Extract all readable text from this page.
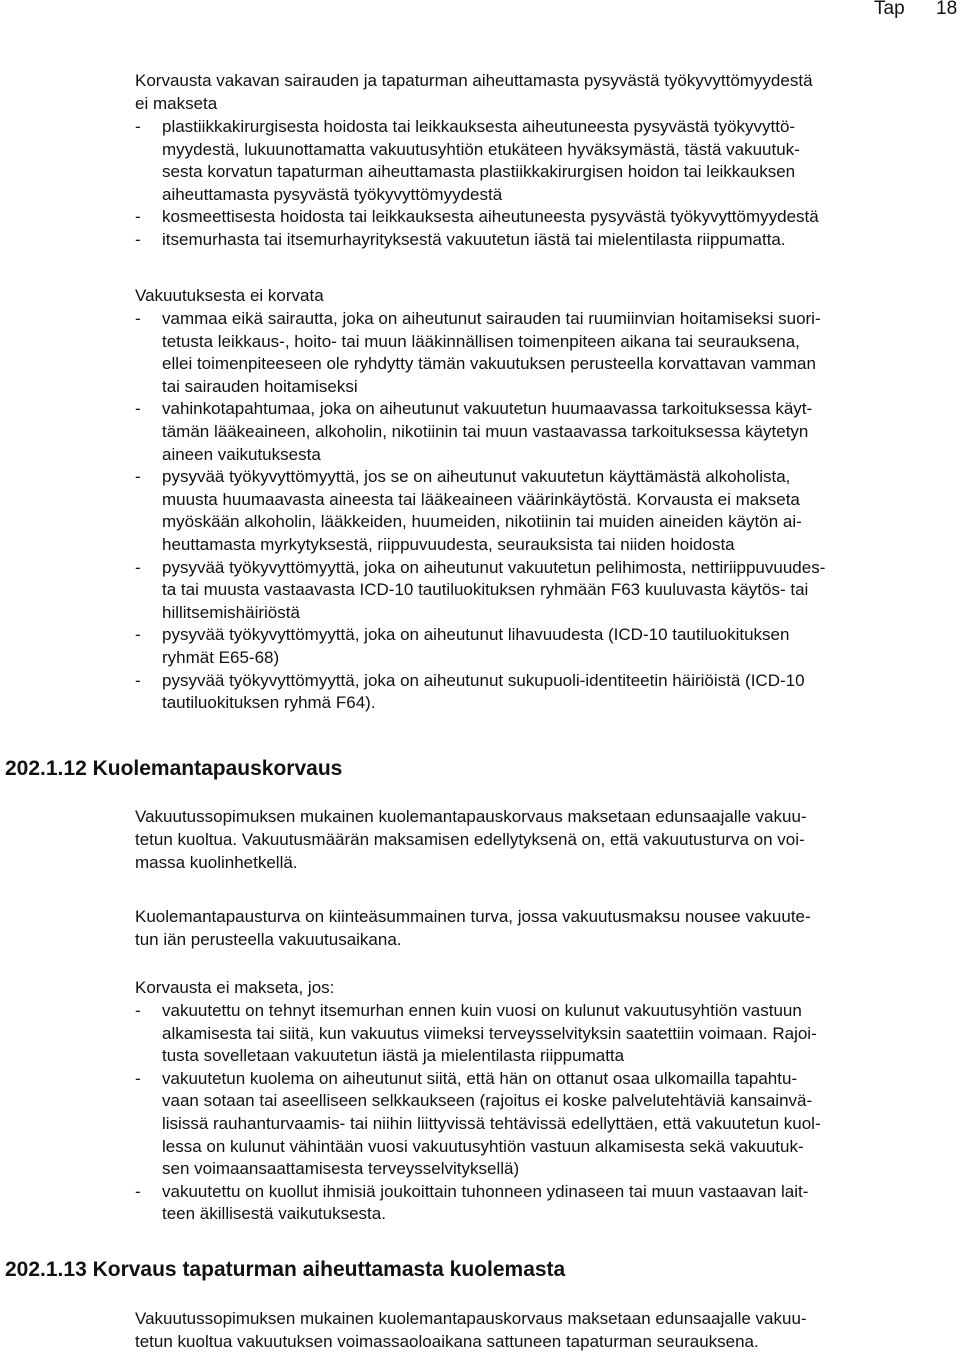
Tap 18
Korvausta vakavan sairauden ja tapaturman aiheuttamasta pysyvästä työkyvyttömyydestä
ei makseta
- plastiikkakirurgisesta hoidosta tai leikkauksesta aiheutuneesta pysyvästä työkyvyttö-
myydestä, lukuunottamatta vakuutusyhtiön etukäteen hyväksymästä, tästä vakuutuk-
sesta korvatun tapaturman aiheuttamasta plastiikkakirurgisen hoidon tai leikkauksen
aiheuttamasta pysyvästä työkyvyttömyydestä
- kosmeettisesta hoidosta tai leikkauksesta aiheutuneesta pysyvästä työkyvyttömyydestä
- itsemurhasta tai itsemurhayrityksestä vakuutetun iästä tai mielentilasta riippumatta.
Vakuutuksesta ei korvata
- vammaa eikä sairautta, joka on aiheutunut sairauden tai ruumiinvian hoitamiseksi suori-
tetusta leikkaus-, hoito- tai muun lääkinnällisen toimenpiteen aikana tai seurauksena,
ellei toimenpiteeseen ole ryhdytty tämän vakuutuksen perusteella korvattavan vamman
tai sairauden hoitamiseksi
- vahinkotapahtumaa, joka on aiheutunut vakuutetun huumaavassa tarkoituksessa käyt-
tämän lääkeaineen, alkoholin, nikotiinin tai muun vastaavassa tarkoituksessa käytetyn
aineen vaikutuksesta
- pysyvää työkyvyttömyyttä, jos se on aiheutunut vakuutetun käyttämästä alkoholista,
muusta huumaavasta aineesta tai lääkeaineen väärinkäytöstä. Korvausta ei makseta
myöskään alkoholin, lääkkeiden, huumeiden, nikotiinin tai muiden aineiden käytön ai-
heuttamasta myrkytyksestä, riippuvuudesta, seurauksista tai niiden hoidosta
- pysyvää työkyvyttömyyttä, joka on aiheutunut vakuutetun pelihimosta, nettiriippuvuudes-
ta tai muusta vastaavasta ICD-10 tautiluokituksen ryhmään F63 kuuluvasta käytös- tai
hillitsemishäiriöstä
- pysyvää työkyvyttömyyttä, joka on aiheutunut lihavuudesta (ICD-10 tautiluokituksen
ryhmät E65-68)
- pysyvää työkyvyttömyyttä, joka on aiheutunut sukupuoli-identiteetin häiriöistä (ICD-10
tautiluokituksen ryhmä F64).
202.1.12 Kuolemantapauskorvaus
Vakuutussopimuksen mukainen kuolemantapauskorvaus maksetaan edunsaajalle vakuu-
tetun kuoltua. Vakuutusmäärän maksamisen edellytyksenä on, että vakuutusturva on voi-
massa kuolinhetkellä.
Kuolemantapausturva on kiinteäsummainen turva, jossa vakuutusmaksu nousee vakuute-
tun iän perusteella vakuutusaikana.
Korvausta ei makseta, jos:
- vakuutettu on tehnyt itsemurhan ennen kuin vuosi on kulunut vakuutusyhtiön vastuun
alkamisesta tai siitä, kun vakuutus viimeksi terveysselvityksin saatettiin voimaan. Rajoi-
tusta sovelletaan vakuutetun iästä ja mielentilasta riippumatta
- vakuutetun kuolema on aiheutunut siitä, että hän on ottanut osaa ulkomailla tapahtu-
vaan sotaan tai aseelliseen selkkaukseen (rajoitus ei koske palvelutehtäviä kansainvä-
lisissä rauhanturvaamis- tai niihin liittyvissä tehtävissä edellyttäen, että vakuutetun kuol-
lessa on kulunut vähintään vuosi vakuutusyhtiön vastuun alkamisesta sekä vakuutuk-
sen voimaansaattamisesta terveysselvityksellä)
- vakuutettu on kuollut ihmisiä joukoittain tuhonneen ydinaseen tai muun vastaavan lait-
teen äkillisestä vaikutuksesta.
202.1.13 Korvaus tapaturman aiheuttamasta kuolemasta
Vakuutussopimuksen mukainen kuolemantapauskorvaus maksetaan edunsaajalle vakuu-
tetun kuoltua vakuutuksen voimassaoloaikana sattuneen tapaturman seurauksena.
